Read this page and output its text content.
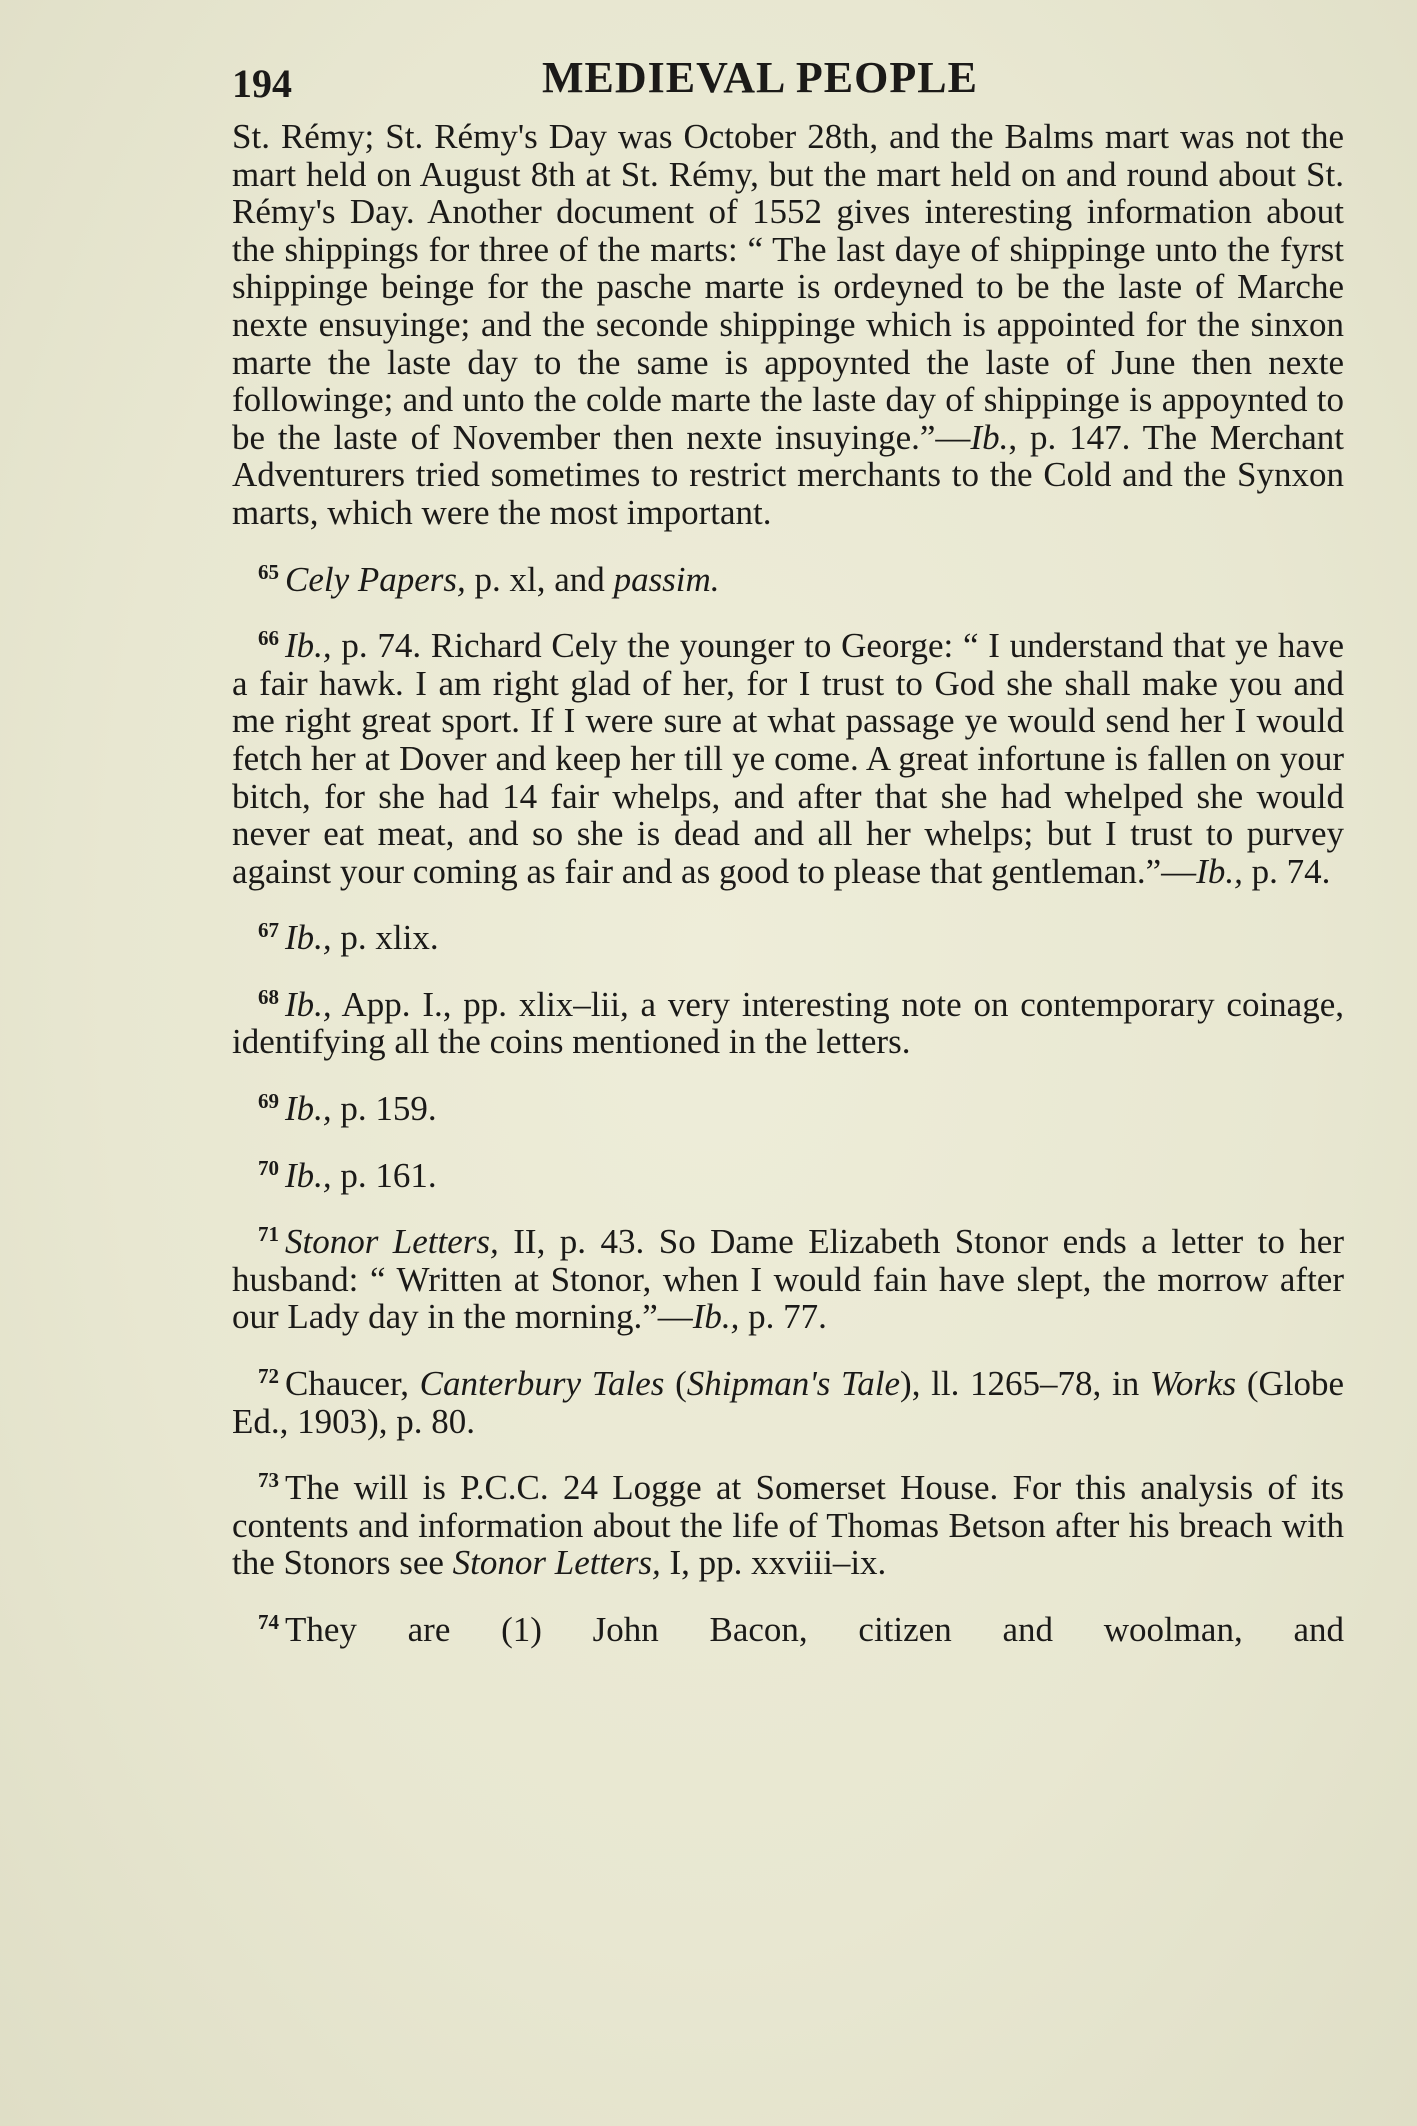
194	MEDIEVAL PEOPLE

St. Rémy; St. Rémy's Day was October 28th, and the Balms mart was not the mart held on August 8th at St. Rémy, but the mart held on and round about St. Rémy's Day. Another document of 1552 gives interesting information about the shippings for three of the marts: “ The last daye of shippinge unto the fyrst shippinge beinge for the pasche marte is ordeyned to be the laste of Marche nexte ensuyinge; and the seconde shippinge which is appointed for the sinxon marte the laste day to the same is appoynted the laste of June then nexte followinge; and unto the colde marte the laste day of shippinge is appoynted to be the laste of November then nexte insuyinge.”—Ib., p. 147. The Merchant Adventurers tried sometimes to restrict merchants to the Cold and the Synxon marts, which were the most important.

$^{65}$ Cely Papers, p. xl, and passim.

$^{66}$ Ib., p. 74. Richard Cely the younger to George: “ I understand that ye have a fair hawk. I am right glad of her, for I trust to God she shall make you and me right great sport. If I were sure at what passage ye would send her I would fetch her at Dover and keep her till ye come. A great infortune is fallen on your bitch, for she had 14 fair whelps, and after that she had whelped she would never eat meat, and so she is dead and all her whelps; but I trust to purvey against your coming as fair and as good to please that gentleman.”—Ib., p. 74.

$^{67}$ Ib., p. xlix.

$^{68}$ Ib., App. I., pp. xlix–lii, a very interesting note on contemporary coinage, identifying all the coins mentioned in the letters.

$^{69}$ Ib., p. 159.

$^{70}$ Ib., p. 161.

$^{71}$ Stonor Letters, II, p. 43. So Dame Elizabeth Stonor ends a letter to her husband: “ Written at Stonor, when I would fain have slept, the morrow after our Lady day in the morning.”—Ib., p. 77.

$^{72}$ Chaucer, Canterbury Tales (Shipman's Tale), ll. 1265–78, in Works (Globe Ed., 1903), p. 80.

$^{73}$ The will is P.C.C. 24 Logge at Somerset House. For this analysis of its contents and information about the life of Thomas Betson after his breach with the Stonors see Stonor Letters, I, pp. xxviii–ix.

$^{74}$ They are (1) John Bacon, citizen and woolman, and
